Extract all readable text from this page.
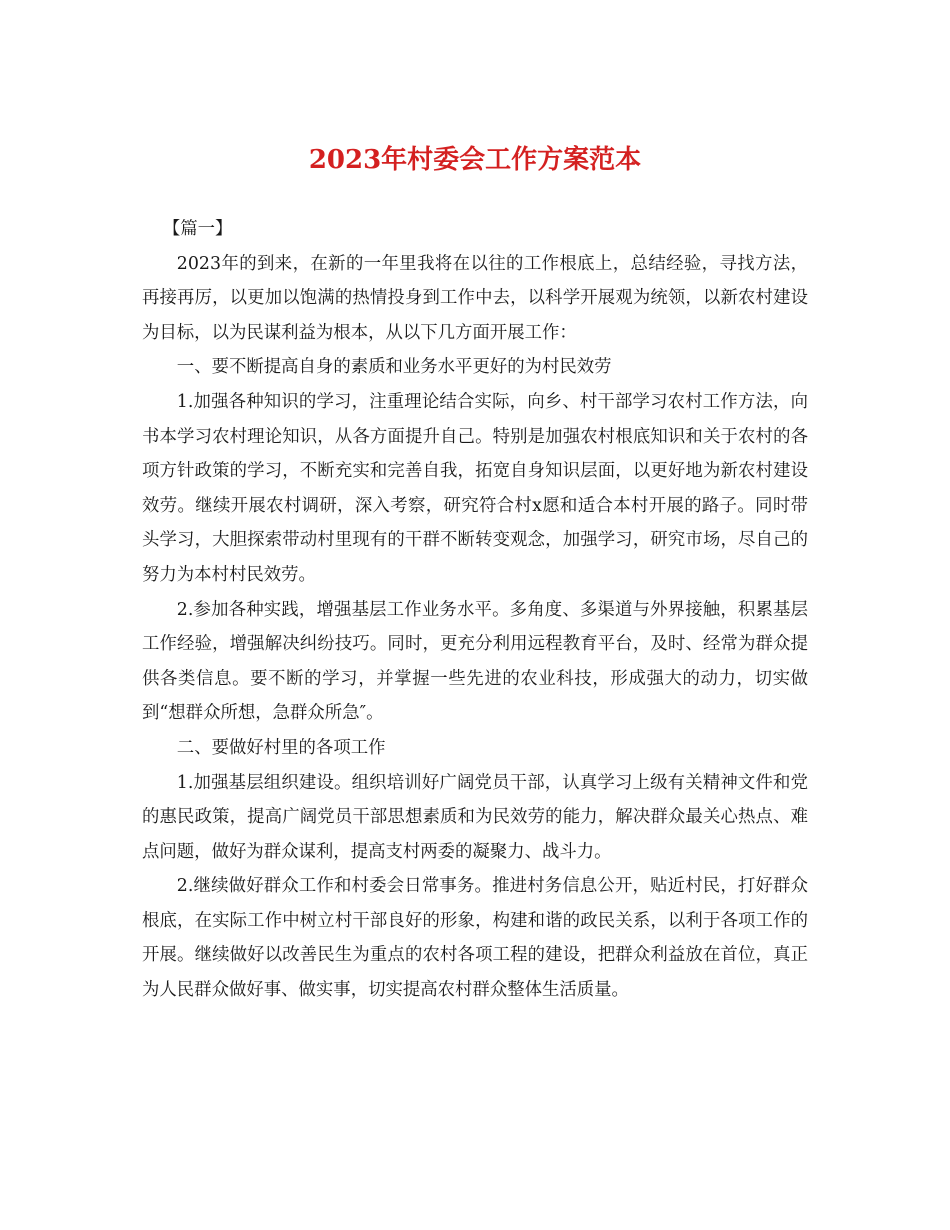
2023年村委会工作方案范本

【篇一】

2023年的到来，在新的一年里我将在以往的工作根底上，总结经验，寻找方法，再接再厉，以更加以饱满的热情投身到工作中去，以科学开展观为统领，以新农村建设为目标，以为民谋利益为根本，从以下几方面开展工作：

一、要不断提高自身的素质和业务水平更好的为村民效劳

1.加强各种知识的学习，注重理论结合实际，向乡、村干部学习农村工作方法，向书本学习农村理论知识，从各方面提升自己。特别是加强农村根底知识和关于农村的各项方针政策的学习，不断充实和完善自我，拓宽自身知识层面，以更好地为新农村建设效劳。继续开展农村调研，深入考察，研究符合村x愿和适合本村开展的路子。同时带头学习，大胆探索带动村里现有的干群不断转变观念，加强学习，研究市场，尽自己的努力为本村村民效劳。

2.参加各种实践，增强基层工作业务水平。多角度、多渠道与外界接触，积累基层工作经验，增强解决纠纷技巧。同时，更充分利用远程教育平台，及时、经常为群众提供各类信息。要不断的学习，并掌握一些先进的农业科技，形成强大的动力，切实做到“想群众所想，急群众所急″。

二、要做好村里的各项工作

1.加强基层组织建设。组织培训好广阔党员干部，认真学习上级有关精神文件和党的惠民政策，提高广阔党员干部思想素质和为民效劳的能力，解决群众最关心热点、难点问题，做好为群众谋利，提高支村两委的凝聚力、战斗力。

2.继续做好群众工作和村委会日常事务。推进村务信息公开，贴近村民，打好群众根底，在实际工作中树立村干部良好的形象，构建和谐的政民关系，以利于各项工作的开展。继续做好以改善民生为重点的农村各项工程的建设，把群众利益放在首位，真正为人民群众做好事、做实事，切实提高农村群众整体生活质量。
